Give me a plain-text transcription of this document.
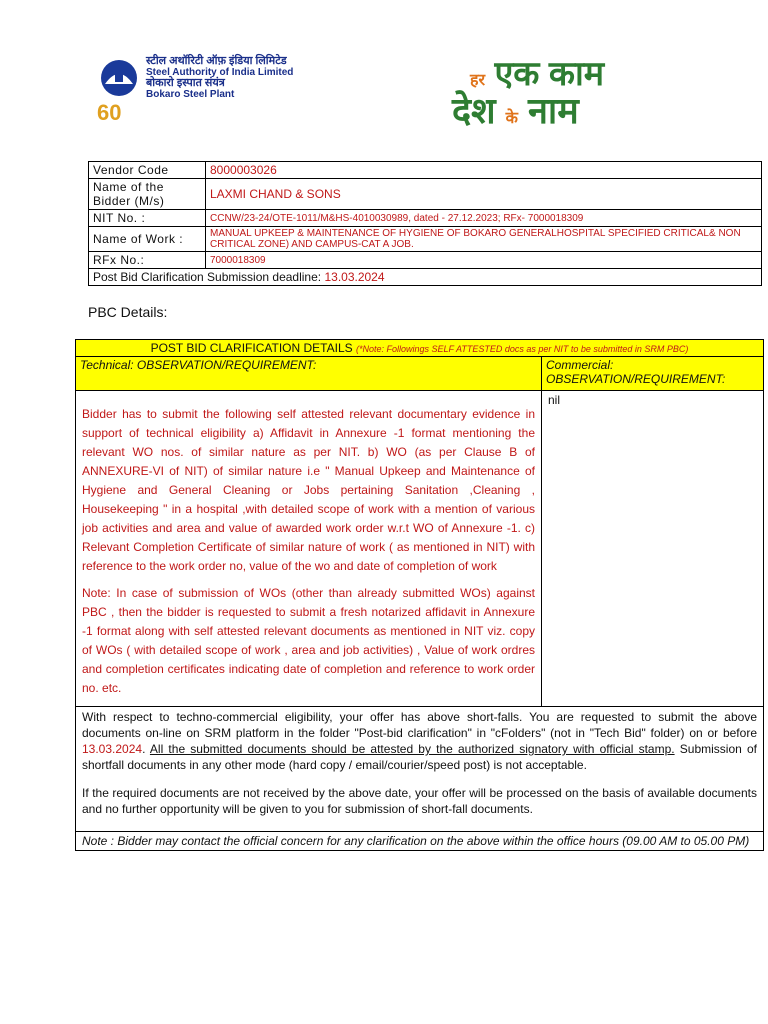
60
स्टील अथॉरिटी ऑफ़ इंडिया लिमिटेड
Steel Authority of India Limited
बोकारो इस्पात संयंत्र
Bokaro Steel Plant
हर एक काम
देश के नाम
Vendor Code	8000003026
Name of the Bidder (M/s)	LAXMI CHAND & SONS
NIT No. :	CCNW/23-24/OTE-1011/M&HS-4010030989, dated - 27.12.2023; RFx- 7000018309
Name of Work :	MANUAL UPKEEP & MAINTENANCE OF HYGIENE OF BOKARO GENERALHOSPITAL SPECIFIED CRITICAL& NON CRITICAL ZONE) AND CAMPUS-CAT A JOB.
RFx No.:	7000018309
Post Bid Clarification Submission deadline: 13.03.2024	
PBC Details:
POST BID CLARIFICATION DETAILS (*Note: Followings SELF ATTESTED docs as per NIT to be submitted in SRM PBC)
Technical: OBSERVATION/REQUIREMENT:

Bidder has to submit the following self attested relevant documentary evidence in support of technical eligibility a) Affidavit in Annexure -1 format mentioning the relevant WO nos. of similar nature as per NIT. b) WO (as per Clause B of ANNEXURE-VI of NIT) of similar nature i.e " Manual Upkeep and Maintenance of Hygiene and General Cleaning or Jobs pertaining Sanitation ,Cleaning , Housekeeping " in a hospital ,with detailed scope of work with a mention of various job activities and area and value of awarded work order w.r.t WO of Annexure -1. c) Relevant Completion Certificate of similar nature of work ( as mentioned in NIT) with reference to the work order no, value of the wo and date of completion of work

Note: In case of submission of WOs (other than already submitted WOs) against PBC , then the bidder is requested to submit a fresh notarized affidavit in Annexure -1 format along with self attested relevant documents as mentioned in NIT viz. copy of WOs ( with detailed scope of work , area and job activities) , Value of work ordres and completion certificates indicating date of completion and reference to work order no. etc.

Commercial: OBSERVATION/REQUIREMENT:
nil

With respect to techno-commercial eligibility, your offer has above short-falls. You are requested to submit the above documents on-line on SRM platform in the folder "Post-bid clarification" in "cFolders" (not in "Tech Bid" folder) on or before 13.03.2024. All the submitted documents should be attested by the authorized signatory with official stamp. Submission of shortfall documents in any other mode (hard copy / email/courier/speed post) is not acceptable.

If the required documents are not received by the above date, your offer will be processed on the basis of available documents and no further opportunity will be given to you for submission of short-fall documents.

Note : Bidder may contact the official concern for any clarification on the above within the office hours (09.00 AM to 05.00 PM)
